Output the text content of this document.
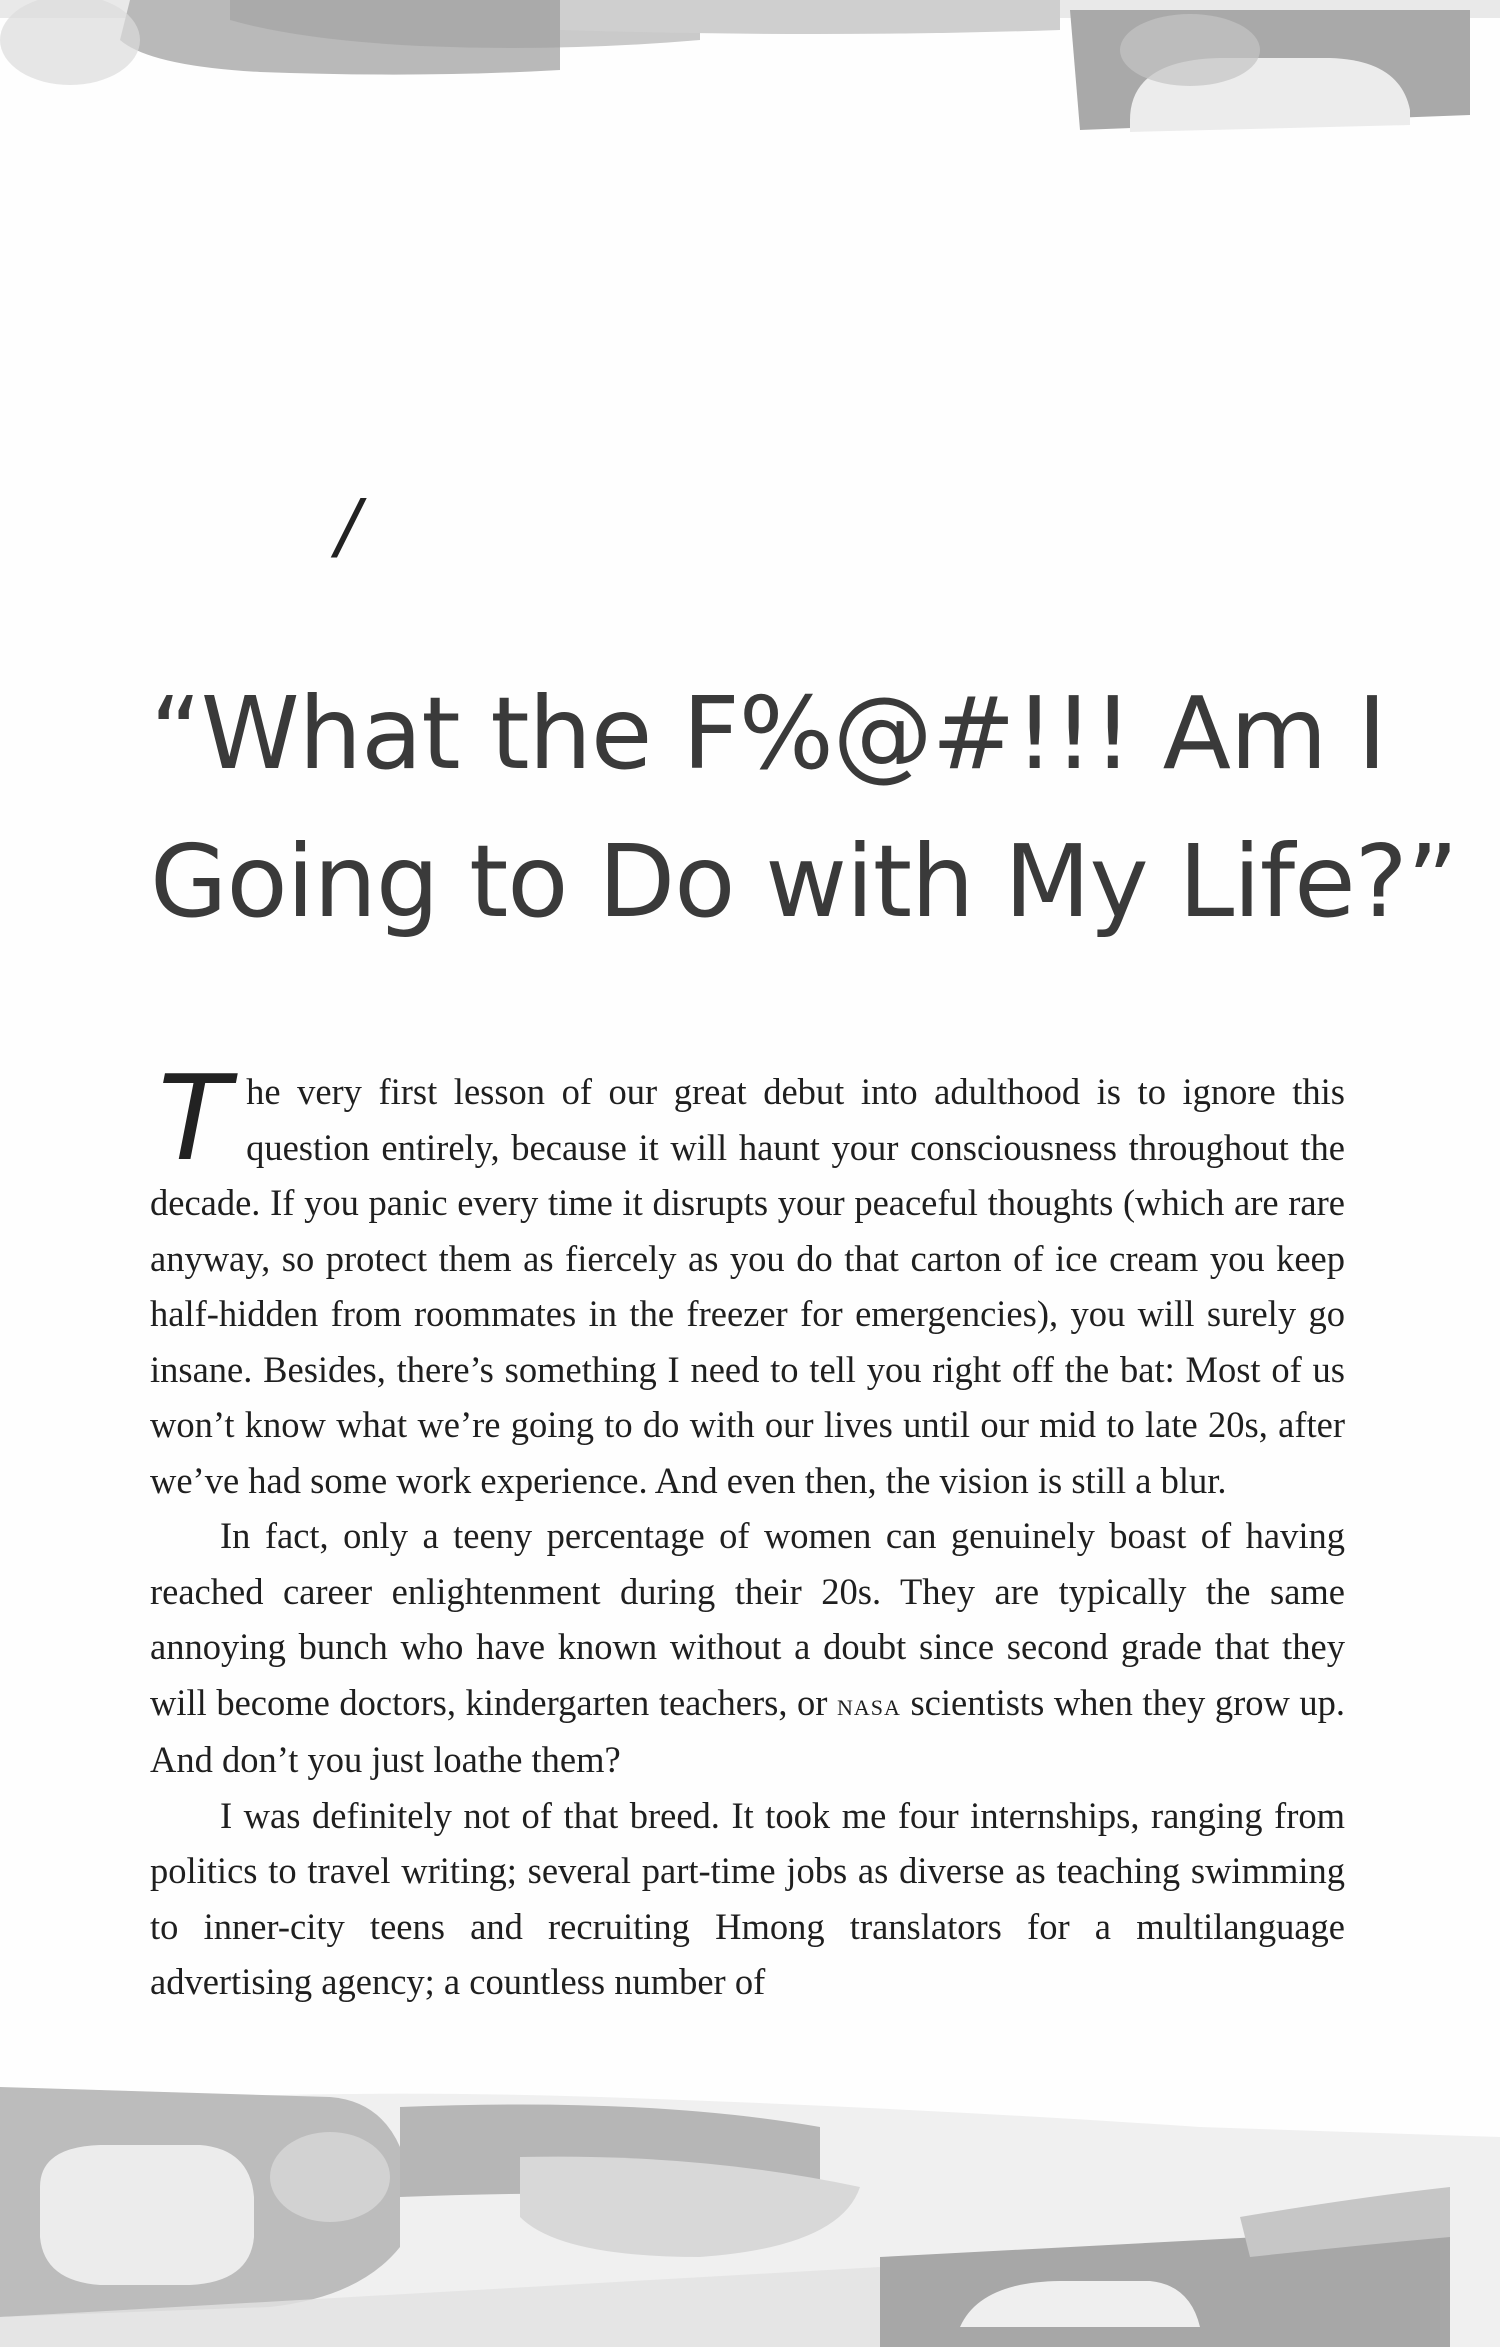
/
“What the F%@#!!! Am I
Going to Do with My Life?”

The very first lesson of our great debut into adulthood is to ignore this question entirely, because it will haunt your consciousness throughout the decade. If you panic every time it disrupts your peaceful thoughts (which are rare anyway, so protect them as fiercely as you do that carton of ice cream you keep half-hidden from roommates in the freezer for emergencies), you will surely go insane. Besides, there’s something I need to tell you right off the bat: Most of us won’t know what we’re going to do with our lives until our mid to late 20s, after we’ve had some work experience. And even then, the vision is still a blur.

In fact, only a teeny percentage of women can genuinely boast of having reached career enlightenment during their 20s. They are typically the same annoying bunch who have known without a doubt since second grade that they will become doctors, kindergarten teachers, or nasa scientists when they grow up. And don’t you just loathe them?

I was definitely not of that breed. It took me four internships, ranging from politics to travel writing; several part-time jobs as diverse as teaching swimming to inner-city teens and recruiting Hmong translators for a multilanguage advertising agency; a countless number of
